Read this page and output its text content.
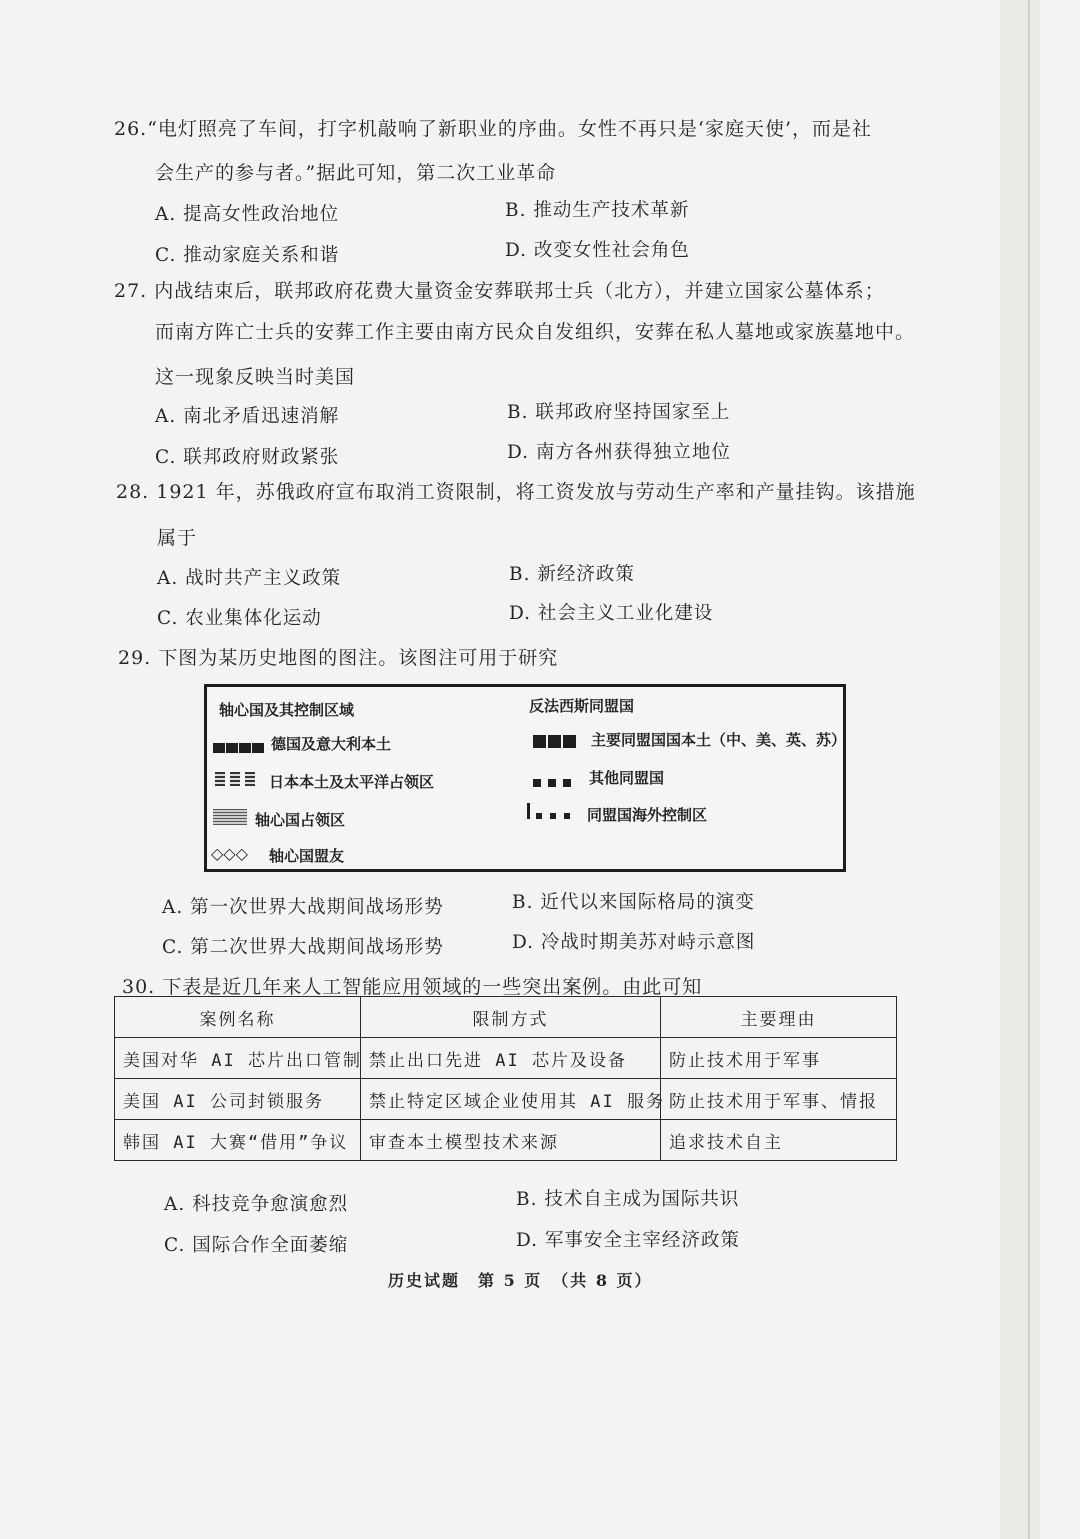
26.“电灯照亮了车间，打字机敲响了新职业的序曲。女性不再只是‘家庭天使’，而是社
会生产的参与者。”据此可知，第二次工业革命
A. 提高女性政治地位	B. 推动生产技术革新
C. 推动家庭关系和谐	D. 改变女性社会角色
27. 内战结束后，联邦政府花费大量资金安葬联邦士兵（北方），并建立国家公墓体系；
而南方阵亡士兵的安葬工作主要由南方民众自发组织，安葬在私人墓地或家族墓地中。
这一现象反映当时美国
A. 南北矛盾迅速消解	B. 联邦政府坚持国家至上
C. 联邦政府财政紧张	D. 南方各州获得独立地位
28. 1921 年，苏俄政府宣布取消工资限制，将工资发放与劳动生产率和产量挂钩。该措施
属于
A. 战时共产主义政策	B. 新经济政策
C. 农业集体化运动	D. 社会主义工业化建设
29. 下图为某历史地图的图注。该图注可用于研究
轴心国及其控制区域	反法西斯同盟国
德国及意大利本土
日本本土及太平洋占领区
轴心国占领区
◇◇◇ 轴心国盟友
主要同盟国国本土（中、美、英、苏）
其他同盟国
同盟国海外控制区
A. 第一次世界大战期间战场形势	B. 近代以来国际格局的演变
C. 第二次世界大战期间战场形势	D. 冷战时期美苏对峙示意图
30. 下表是近几年来人工智能应用领域的一些突出案例。由此可知
案例名称	限制方式	主要理由
美国对华 AI 芯片出口管制	禁止出口先进 AI 芯片及设备	防止技术用于军事
美国 AI 公司封锁服务	禁止特定区域企业使用其 AI 服务	防止技术用于军事、情报
韩国 AI 大赛“借用”争议	审查本土模型技术来源	追求技术自主
A. 科技竞争愈演愈烈	B. 技术自主成为国际共识
C. 国际合作全面萎缩	D. 军事安全主宰经济政策
历史试题　第 5 页　（共 8 页）
